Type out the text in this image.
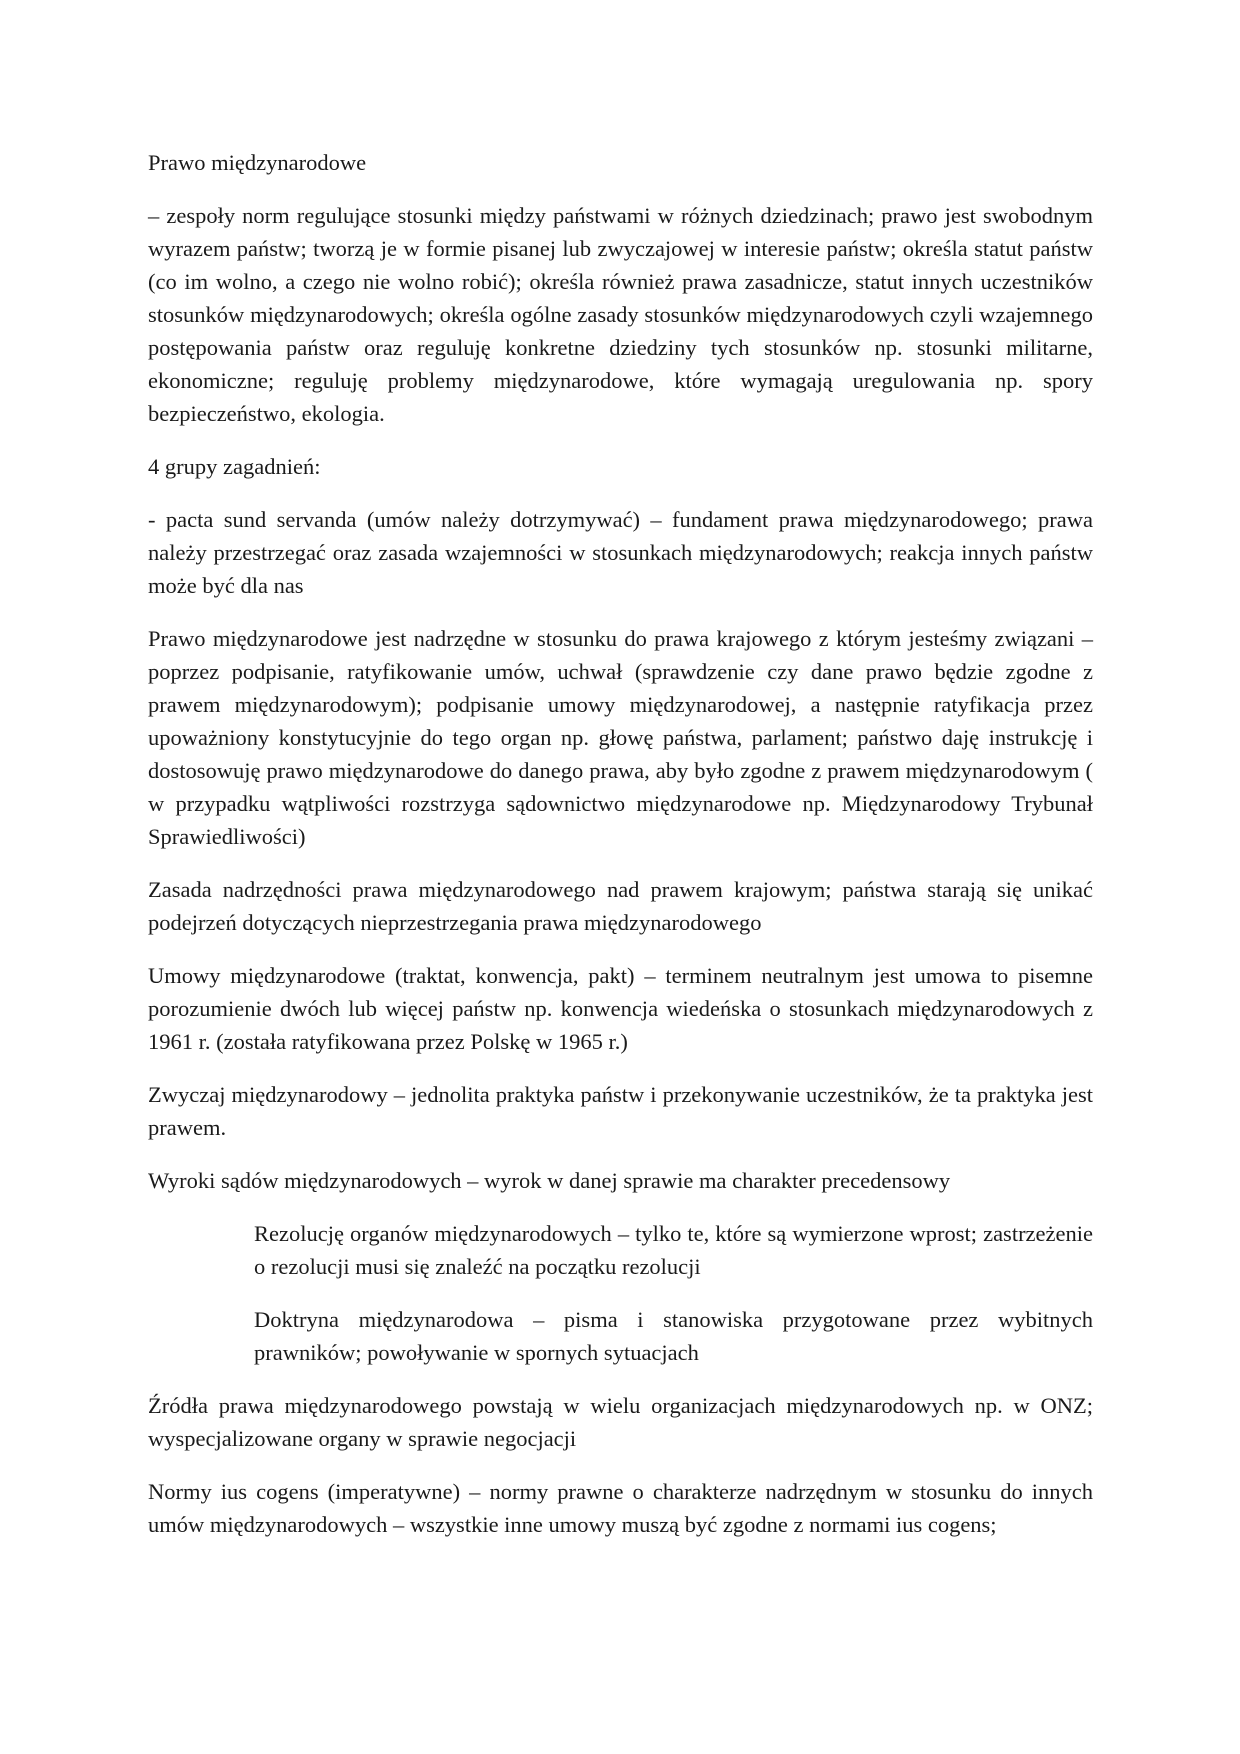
Prawo międzynarodowe

– zespoły norm regulujące stosunki między państwami w różnych dziedzinach; prawo jest swobodnym wyrazem państw; tworzą je w formie pisanej lub zwyczajowej w interesie państw; określa statut państw (co im wolno, a czego nie wolno robić); określa również prawa zasadnicze, statut innych uczestników stosunków międzynarodowych; określa ogólne zasady stosunków międzynarodowych czyli wzajemnego postępowania państw oraz reguluję konkretne dziedziny tych stosunków np. stosunki militarne, ekonomiczne; reguluję problemy międzynarodowe, które wymagają uregulowania np. spory bezpieczeństwo, ekologia.

4 grupy zagadnień:

- pacta sund servanda (umów należy dotrzymywać) – fundament prawa międzynarodowego; prawa należy przestrzegać oraz zasada wzajemności w stosunkach międzynarodowych; reakcja innych państw może być dla nas

Prawo międzynarodowe jest nadrzędne w stosunku do prawa krajowego z którym jesteśmy związani – poprzez podpisanie, ratyfikowanie umów, uchwał (sprawdzenie czy dane prawo będzie zgodne z prawem międzynarodowym); podpisanie umowy międzynarodowej, a następnie ratyfikacja przez upoważniony konstytucyjnie do tego organ np. głowę państwa, parlament; państwo daję instrukcję i dostosowuję prawo międzynarodowe do danego prawa, aby było zgodne z prawem międzynarodowym ( w przypadku wątpliwości rozstrzyga sądownictwo międzynarodowe np. Międzynarodowy Trybunał Sprawiedliwości)

Zasada nadrzędności prawa międzynarodowego nad prawem krajowym; państwa starają się unikać podejrzeń dotyczących nieprzestrzegania prawa międzynarodowego

Umowy międzynarodowe (traktat, konwencja, pakt) – terminem neutralnym jest umowa to pisemne porozumienie dwóch lub więcej państw np. konwencja wiedeńska o stosunkach międzynarodowych z 1961 r. (została ratyfikowana przez Polskę w 1965 r.)

Zwyczaj międzynarodowy – jednolita praktyka państw i przekonywanie uczestników, że ta praktyka jest prawem.

Wyroki sądów międzynarodowych – wyrok w danej sprawie ma charakter precedensowy

Rezolucję organów międzynarodowych – tylko te, które są wymierzone wprost; zastrzeżenie o rezolucji musi się znaleźć na początku rezolucji

Doktryna międzynarodowa – pisma i stanowiska przygotowane przez wybitnych prawników; powoływanie w spornych sytuacjach

Źródła prawa międzynarodowego powstają w wielu organizacjach międzynarodowych np. w ONZ; wyspecjalizowane organy w sprawie negocjacji

Normy ius cogens (imperatywne) – normy prawne o charakterze nadrzędnym w stosunku do innych umów międzynarodowych – wszystkie inne umowy muszą być zgodne z normami ius cogens;
